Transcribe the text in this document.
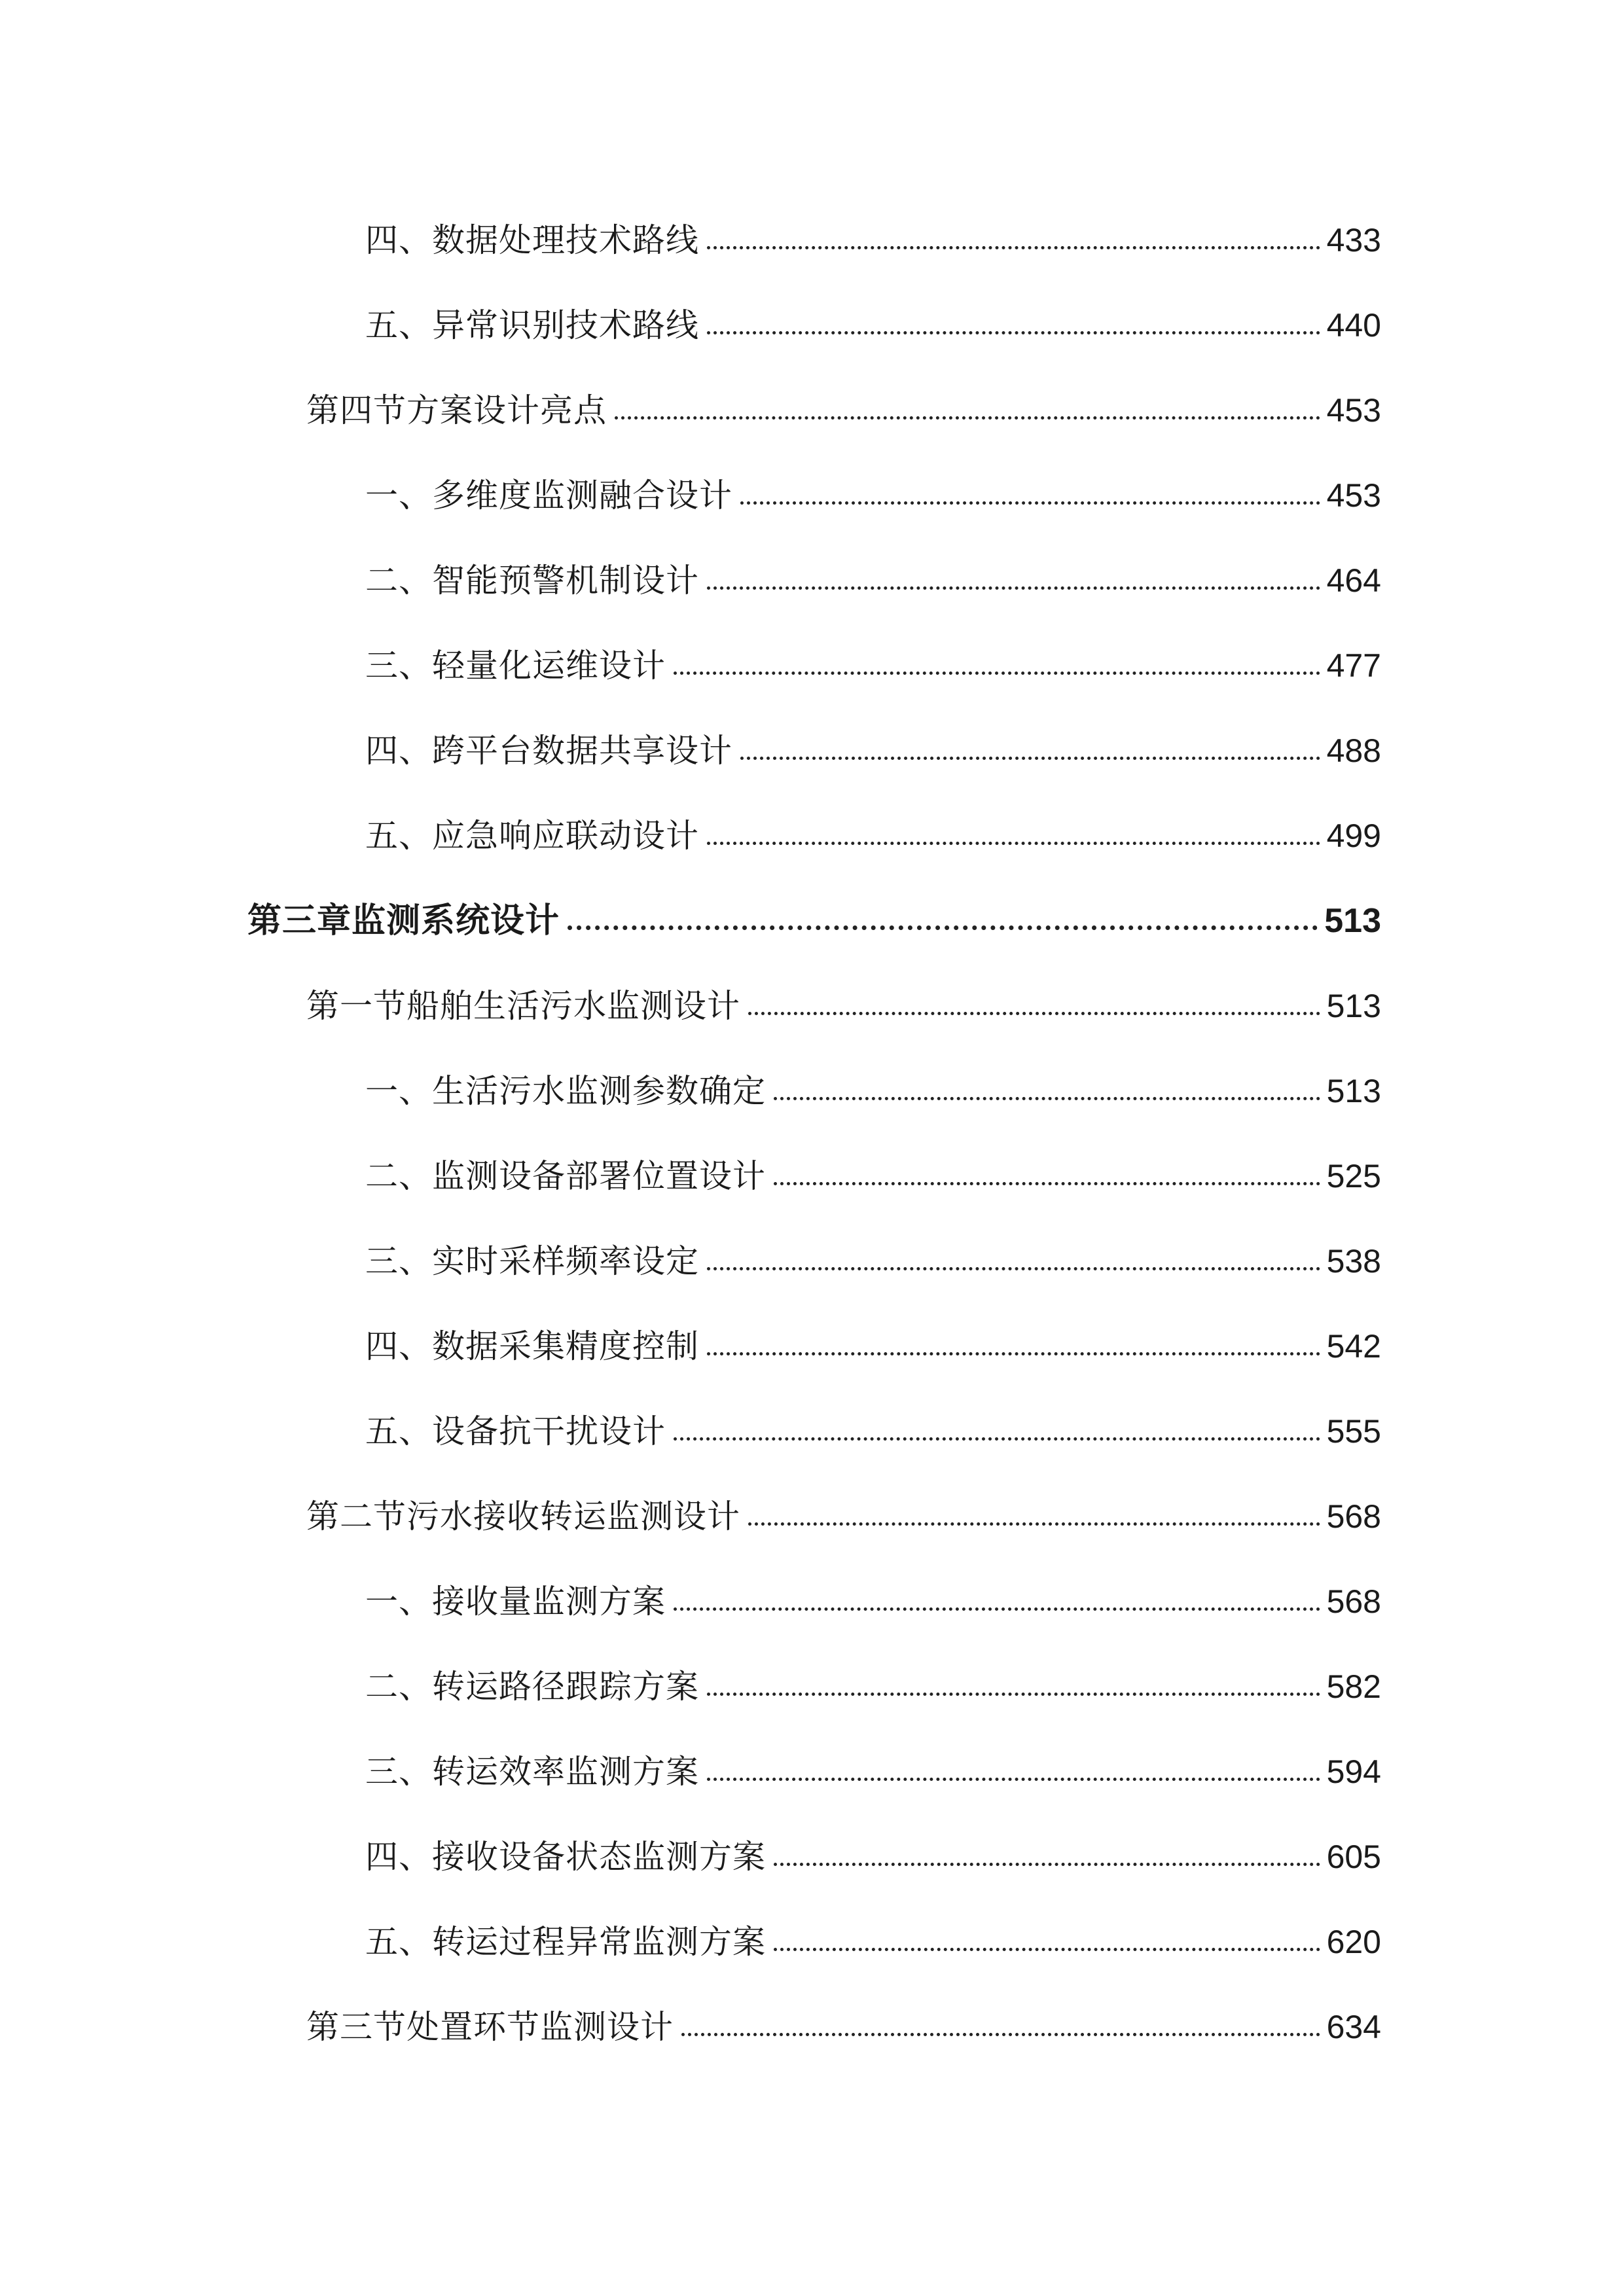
四、数据处理技术路线	433
五、异常识别技术路线	440
第四节方案设计亮点	453
一、多维度监测融合设计	453
二、智能预警机制设计	464
三、轻量化运维设计	477
四、跨平台数据共享设计	488
五、应急响应联动设计	499
第三章监测系统设计	513
第一节船舶生活污水监测设计	513
一、生活污水监测参数确定	513
二、监测设备部署位置设计	525
三、实时采样频率设定	538
四、数据采集精度控制	542
五、设备抗干扰设计	555
第二节污水接收转运监测设计	568
一、接收量监测方案	568
二、转运路径跟踪方案	582
三、转运效率监测方案	594
四、接收设备状态监测方案	605
五、转运过程异常监测方案	620
第三节处置环节监测设计	634
